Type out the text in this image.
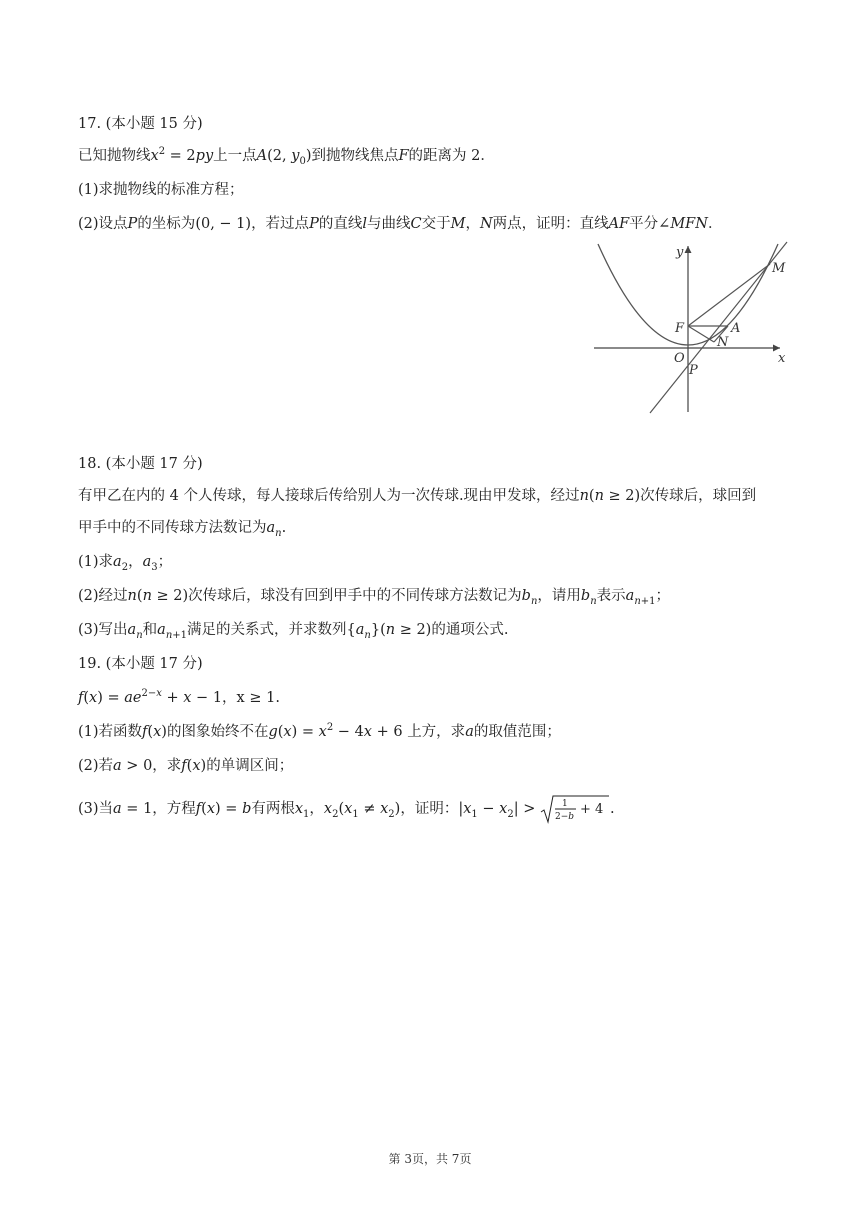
17. (本小题 15 分)
已知抛物线$x^2 = 2py$上一点A(2, $y_0$)到抛物线焦点F的距离为 2．
(1)求抛物线的标准方程；
(2)设点P的坐标为(0, − 1)，若过点P的直线l与曲线C交于M，N两点，证明：直线AF平分∠MFN．
y
x
M
F	A
N
O
P
18. (本小题 17 分)
有甲乙在内的 4 个人传球，每人接球后传给别人为一次传球.现由甲发球，经过n(n ≥ 2)次传球后，球回到
甲手中的不同传球方法数记为$a_n$.
(1)求$a_2$，$a_3$；
(2)经过n(n ≥ 2)次传球后，球没有回到甲手中的不同传球方法数记为$b_n$，请用$b_n$表示$a_{n+1}$；
(3)写出$a_n$和$a_{n+1}$满足的关系式，并求数列$\{a_n\}(n \ge 2)$的通项公式.
19. (本小题 17 分)
$f(x) = ae^{2-x} + x - 1$，x ≥ 1.
(1)若函数f(x)的图象始终不在$g(x) = x^2 - 4x + 6$ 上方，求a的取值范围；
(2)若a > 0，求f(x)的单调区间；
(3)当a = 1，方程f(x) = b有两根$x_1$，$x_2(x_1 \ne x_2)$，证明：$|x_1 - x_2| > 1$
2−b + 4 .
第 3页，共 7页
